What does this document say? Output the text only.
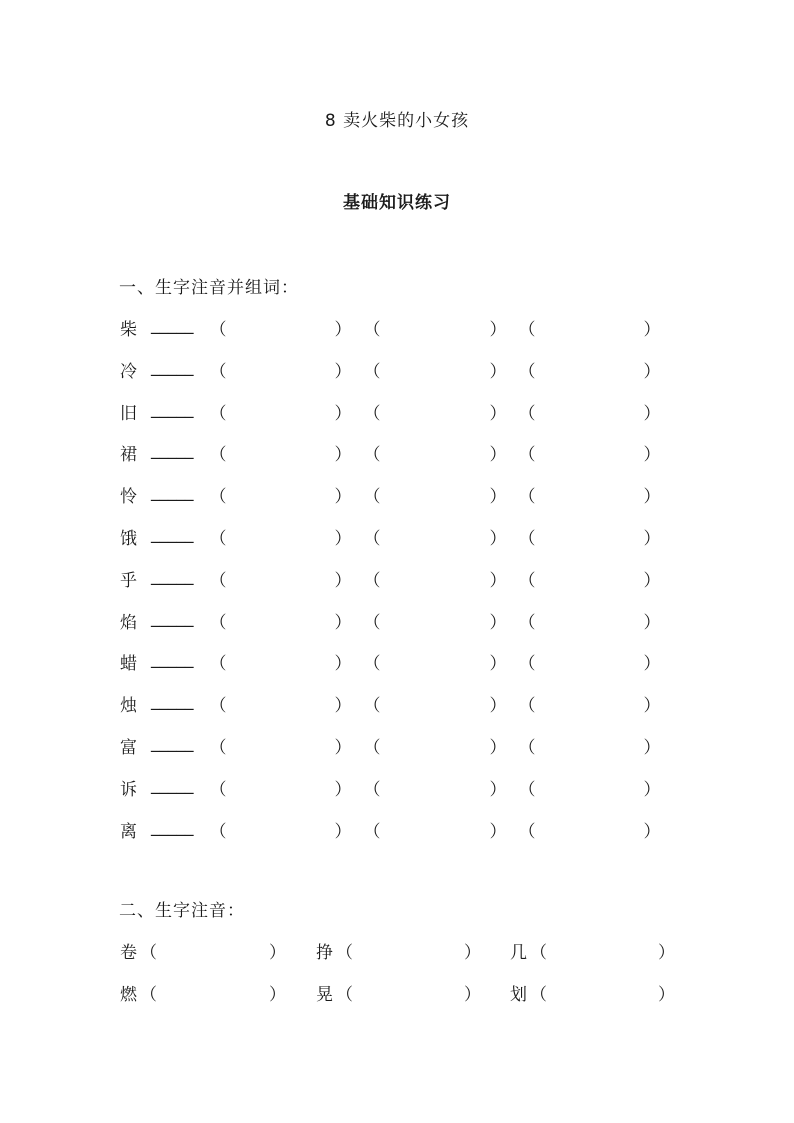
8 卖火柴的小女孩
基础知识练习
一、生字注音并组词：
柴 _____ （	） （	） （	）
冷 _____ （	） （	） （	）
旧 _____ （	） （	） （	）
裙 _____ （	） （	） （	）
怜 _____ （	） （	） （	）
饿 _____ （	） （	） （	）
乎 _____ （	） （	） （	）
焰 _____ （	） （	） （	）
蜡 _____ （	） （	） （	）
烛 _____ （	） （	） （	）
富 _____ （	） （	） （	）
诉 _____ （	） （	） （	）
离 _____ （	） （	） （	）
二、生字注音：
卷 （	） 挣 （	） 几 （	）
燃 （	） 晃 （	） 划 （	）
